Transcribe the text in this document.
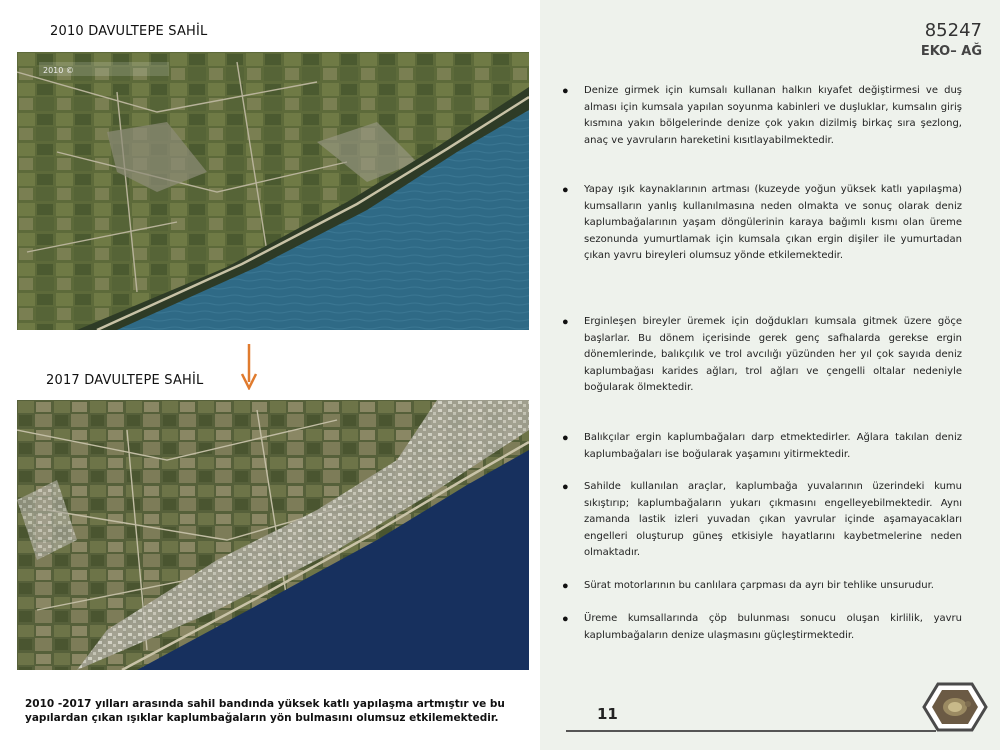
2010 DAVULTEPE SAHİL
2010 ©
2017 DAVULTEPE SAHİL
2010 -2017 yılları arasında sahil bandında yüksek katlı yapılaşma artmıştır ve bu yapılardan çıkan ışıklar kaplumbağaların yön bulmasını olumsuz etkilemektedir.
85247
EKO– AĞ
● Denize girmek için kumsalı kullanan halkın kıyafet değiştirmesi ve duş alması için kumsala yapılan soyunma kabinleri ve duşluklar, kumsalın giriş kısmına yakın bölgelerinde denize çok yakın dizilmiş birkaç sıra şezlong, anaç ve yavruların hareketini kısıtlayabilmektedir.
● Yapay ışık kaynaklarının artması (kuzeyde yoğun yüksek katlı yapılaşma) kumsalların yanlış kullanılmasına neden olmakta ve sonuç olarak deniz kaplumbağalarının yaşam döngülerinin karaya bağımlı kısmı olan üreme sezonunda yumurtlamak için kumsala çıkan ergin dişiler ile yumurtadan çıkan yavru bireyleri olumsuz yönde etkilemektedir.
● Erginleşen bireyler üremek için doğdukları kumsala gitmek üzere göçe başlarlar. Bu dönem içerisinde gerek genç safhalarda gerekse ergin dönemlerinde, balıkçılık ve trol avcılığı yüzünden her yıl çok sayıda deniz kaplumbağası karides ağları, trol ağları ve çengelli oltalar nedeniyle boğularak ölmektedir.
● Balıkçılar ergin kaplumbağaları darp etmektedirler. Ağlara takılan deniz kaplumbağaları ise boğularak yaşamını yitirmektedir.
● Sahilde kullanılan araçlar, kaplumbağa yuvalarının üzerindeki kumu sıkıştırıp; kaplumbağaların yukarı çıkmasını engelleyebilmektedir. Aynı zamanda lastik izleri yuvadan çıkan yavrular içinde aşamayacakları engelleri oluşturup güneş etkisiyle hayatlarını kaybetmelerine neden olmaktadır.
● Sürat motorlarının bu canlılara çarpması da ayrı bir tehlike unsurudur.
● Üreme kumsallarında çöp bulunması sonucu oluşan kirlilik, yavru kaplumbağaların denize ulaşmasını güçleştirmektedir.
11
